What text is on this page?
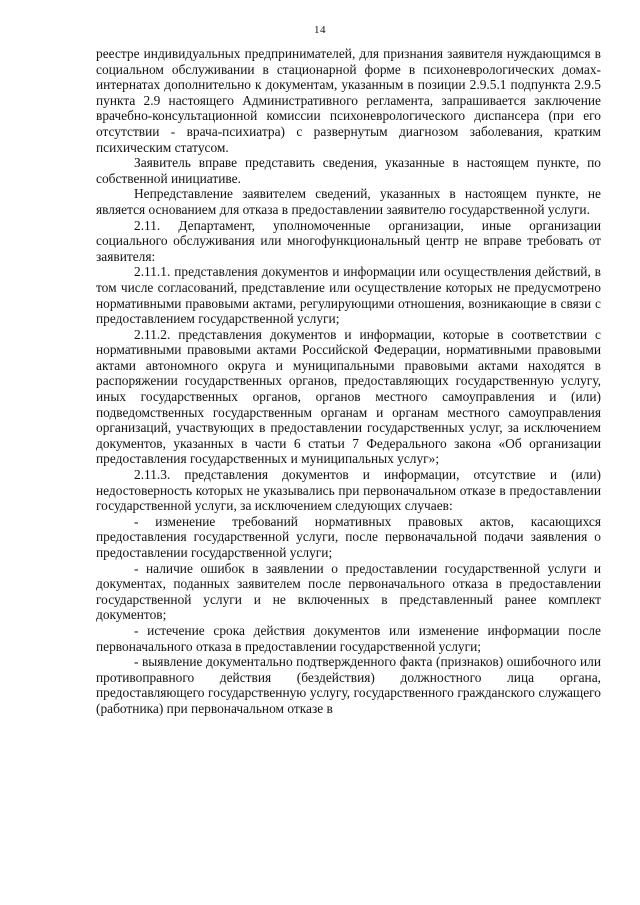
14

реестре индивидуальных предпринимателей, для признания заявителя нуждающимся в социальном обслуживании в стационарной форме в психоневрологических домах-интернатах дополнительно к документам, указанным в позиции 2.9.5.1 подпункта 2.9.5 пункта 2.9 настоящего Административного регламента, запрашивается заключение врачебно-консультационной комиссии психоневрологического диспансера (при его отсутствии - врача-психиатра) с развернутым диагнозом заболевания, кратким психическим статусом.

Заявитель вправе представить сведения, указанные в настоящем пункте, по собственной инициативе.

Непредставление заявителем сведений, указанных в настоящем пункте, не является основанием для отказа в предоставлении заявителю государственной услуги.

2.11. Департамент, уполномоченные организации, иные организации социального обслуживания или многофункциональный центр не вправе требовать от заявителя:

2.11.1. представления документов и информации или осуществления действий, в том числе согласований, представление или осуществление которых не предусмотрено нормативными правовыми актами, регулирующими отношения, возникающие в связи с предоставлением государственной услуги;

2.11.2. представления документов и информации, которые в соответствии с нормативными правовыми актами Российской Федерации, нормативными правовыми актами автономного округа и муниципальными правовыми актами находятся в распоряжении государственных органов, предоставляющих государственную услугу, иных государственных органов, органов местного самоуправления и (или) подведомственных государственным органам и органам местного самоуправления организаций, участвующих в предоставлении государственных услуг, за исключением документов, указанных в части 6 статьи 7 Федерального закона «Об организации предоставления государственных и муниципальных услуг»;

2.11.3. представления документов и информации, отсутствие и (или) недостоверность которых не указывались при первоначальном отказе в предоставлении государственной услуги, за исключением следующих случаев:

- изменение требований нормативных правовых актов, касающихся предоставления государственной услуги, после первоначальной подачи заявления о предоставлении государственной услуги;

- наличие ошибок в заявлении о предоставлении государственной услуги и документах, поданных заявителем после первоначального отказа в предоставлении государственной услуги и не включенных в представленный ранее комплект документов;

- истечение срока действия документов или изменение информации после первоначального отказа в предоставлении государственной услуги;

- выявление документально подтвержденного факта (признаков) ошибочного или противоправного действия (бездействия) должностного лица органа, предоставляющего государственную услугу, государственного гражданского служащего (работника) при первоначальном отказе в
